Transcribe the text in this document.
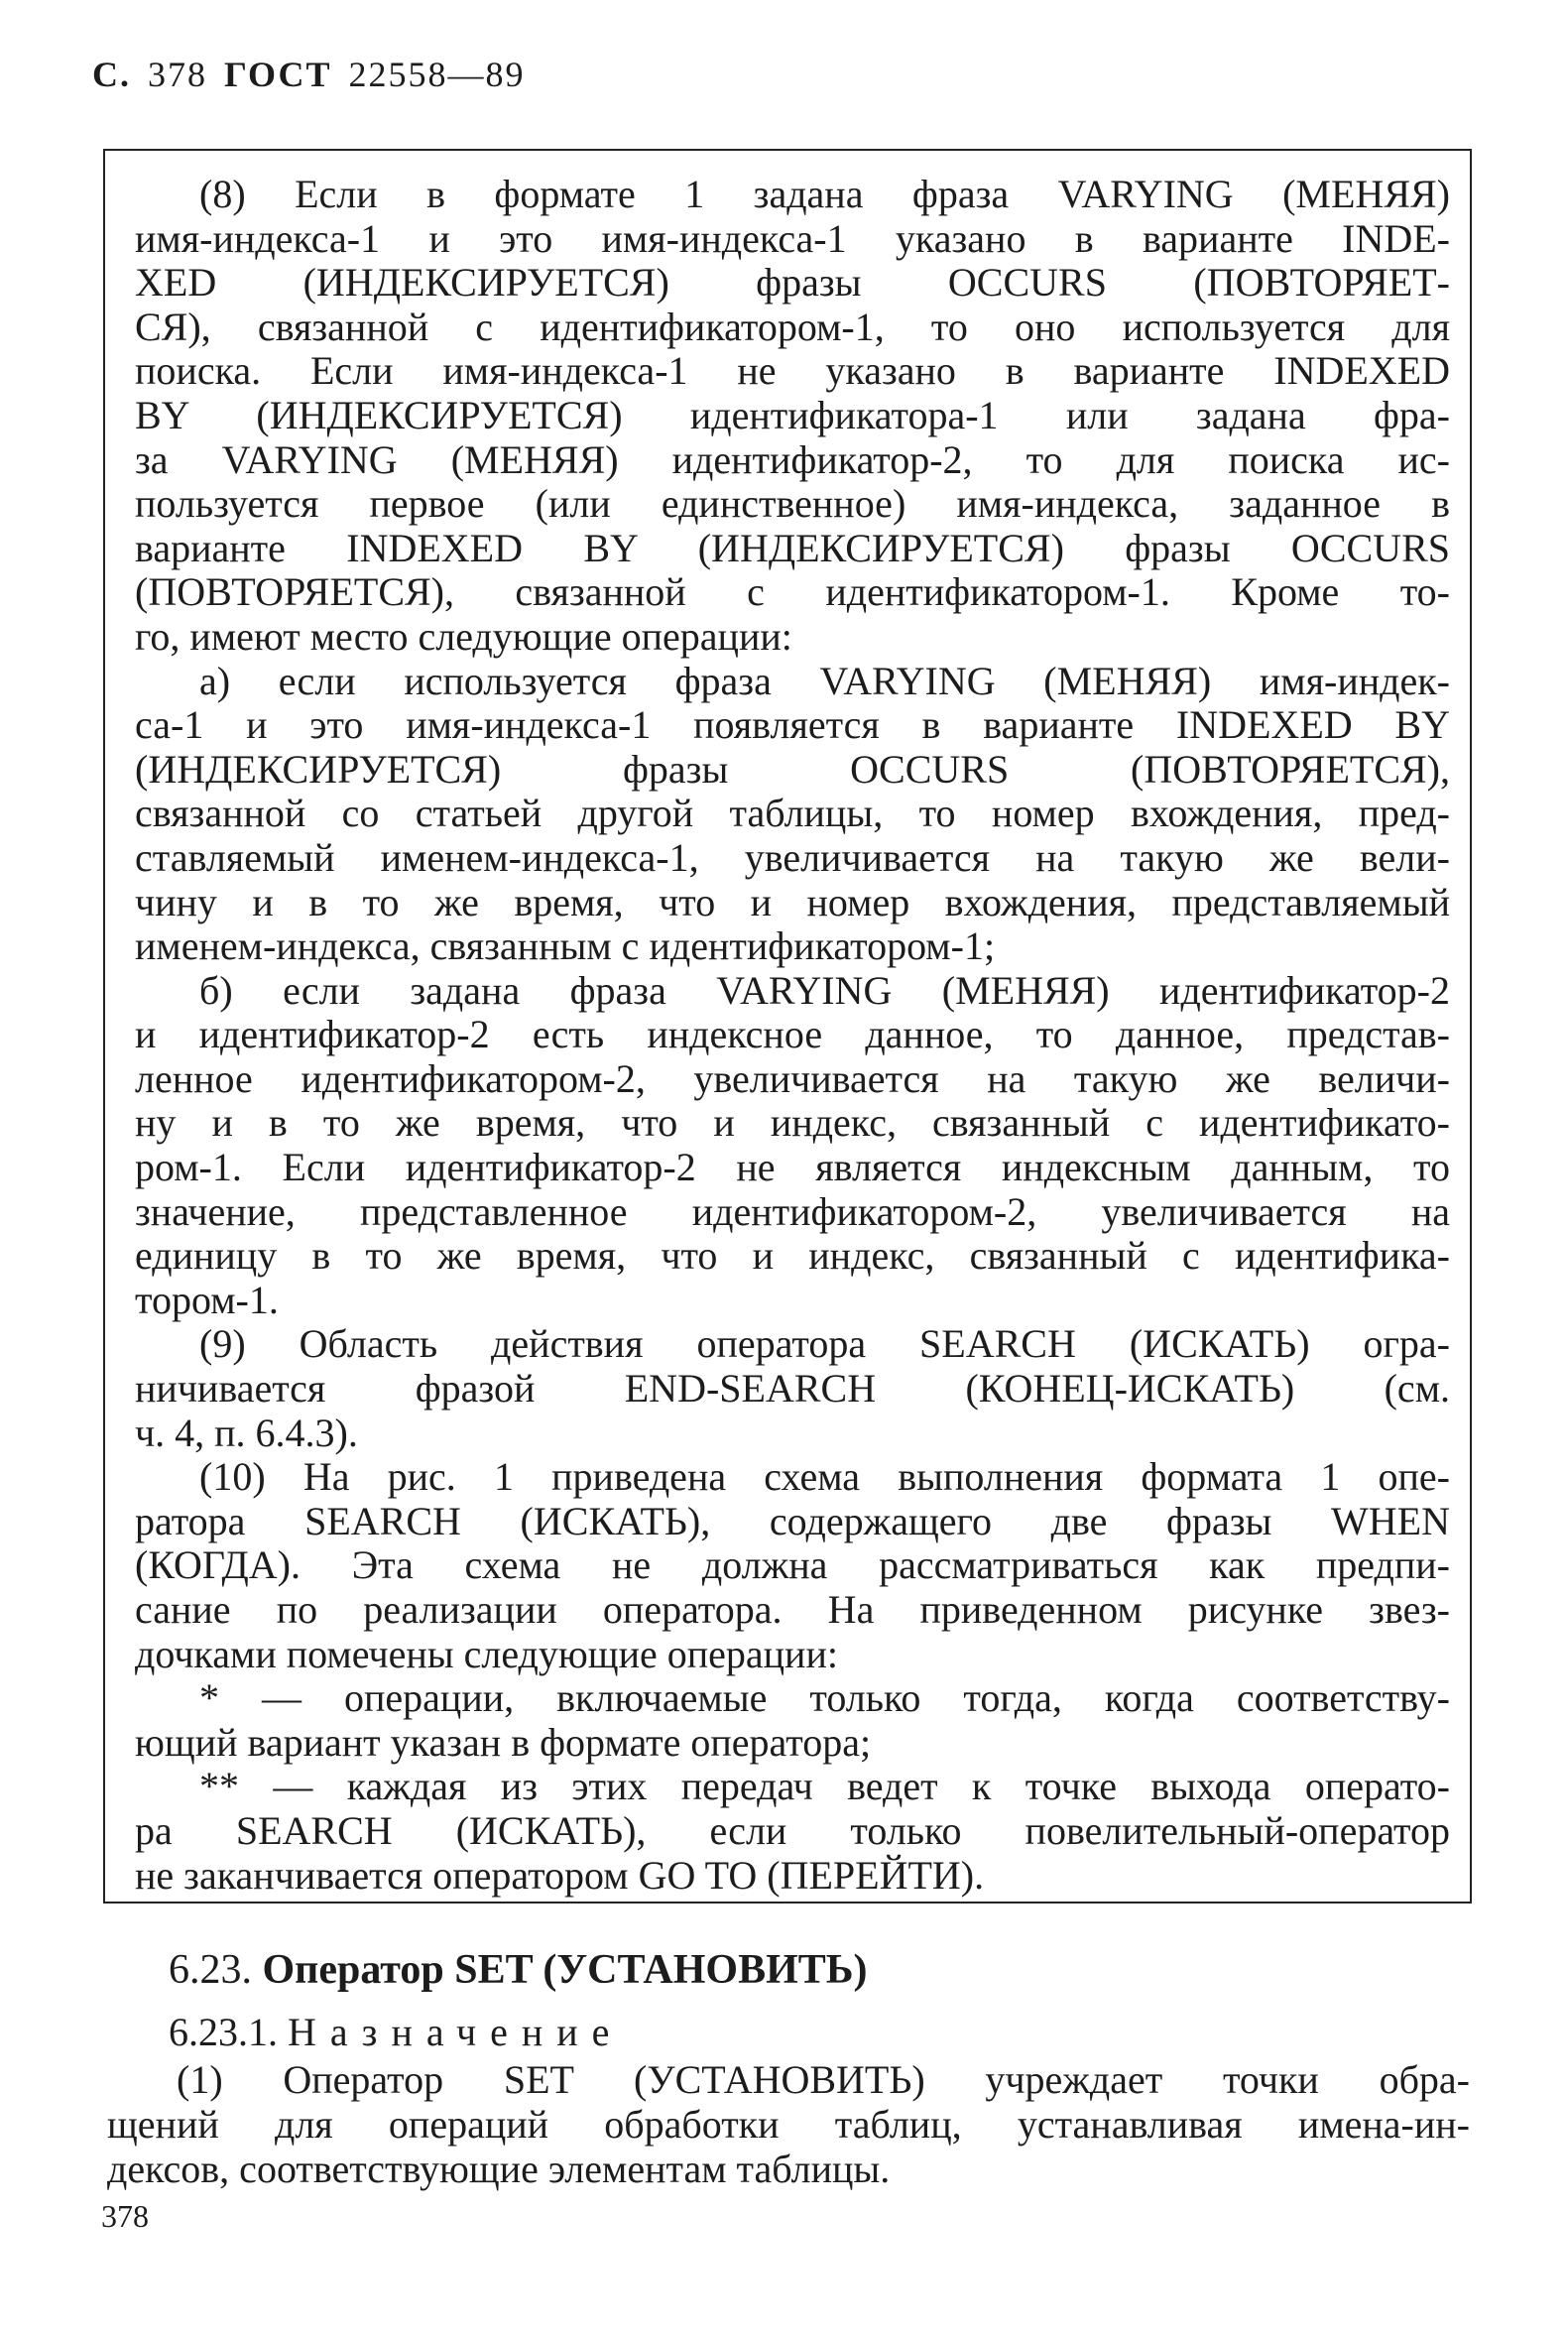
С. 378 ГОСТ 22558—89
(8) Если в формате 1 задана фраза VARYING (МЕНЯЯ)
имя-индекса-1 и это имя-индекса-1 указано в варианте INDE-
XED (ИНДЕКСИРУЕТСЯ) фразы OCCURS (ПОВТОРЯЕТ-
СЯ), связанной с идентификатором-1, то оно используется для
поиска. Если имя-индекса-1 не указано в варианте INDEXED
BY (ИНДЕКСИРУЕТСЯ) идентификатора-1 или задана фра-
за VARYING (МЕНЯЯ) идентификатор-2, то для поиска ис-
пользуется первое (или единственное) имя-индекса, заданное в
варианте INDEXED BY (ИНДЕКСИРУЕТСЯ) фразы OCCURS
(ПОВТОРЯЕТСЯ), связанной с идентификатором-1. Кроме то-
го, имеют место следующие операции:
а) если используется фраза VARYING (МЕНЯЯ) имя-индек-
са-1 и это имя-индекса-1 появляется в варианте INDEXED BY
(ИНДЕКСИРУЕТСЯ) фразы OCCURS (ПОВТОРЯЕТСЯ),
связанной со статьей другой таблицы, то номер вхождения, пред-
ставляемый именем-индекса-1, увеличивается на такую же вели-
чину и в то же время, что и номер вхождения, представляемый
именем-индекса, связанным с идентификатором-1;
б) если задана фраза VARYING (МЕНЯЯ) идентификатор-2
и идентификатор-2 есть индексное данное, то данное, представ-
ленное идентификатором-2, увеличивается на такую же величи-
ну и в то же время, что и индекс, связанный с идентификато-
ром-1. Если идентификатор-2 не является индексным данным, то
значение, представленное идентификатором-2, увеличивается на
единицу в то же время, что и индекс, связанный с идентифика-
тором-1.
(9) Область действия оператора SEARCH (ИСКАТЬ) огра-
ничивается фразой END-SEARCH (КОНЕЦ-ИСКАТЬ) (см.
ч. 4, п. 6.4.3).
(10) На рис. 1 приведена схема выполнения формата 1 опе-
ратора SEARCH (ИСКАТЬ), содержащего две фразы WHEN
(КОГДА). Эта схема не должна рассматриваться как предпи-
сание по реализации оператора. На приведенном рисунке звез-
дочками помечены следующие операции:
* — операции, включаемые только тогда, когда соответству-
ющий вариант указан в формате оператора;
** — каждая из этих передач ведет к точке выхода операто-
ра SEARCH (ИСКАТЬ), если только повелительный-оператор
не заканчивается оператором GO TO (ПЕРЕЙТИ).
6.23. Оператор SET (УСТАНОВИТЬ)
6.23.1. Назначение
(1) Оператор SET (УСТАНОВИТЬ) учреждает точки обра-
щений для операций обработки таблиц, устанавливая имена-ин-
дексов, соответствующие элементам таблицы.
378
